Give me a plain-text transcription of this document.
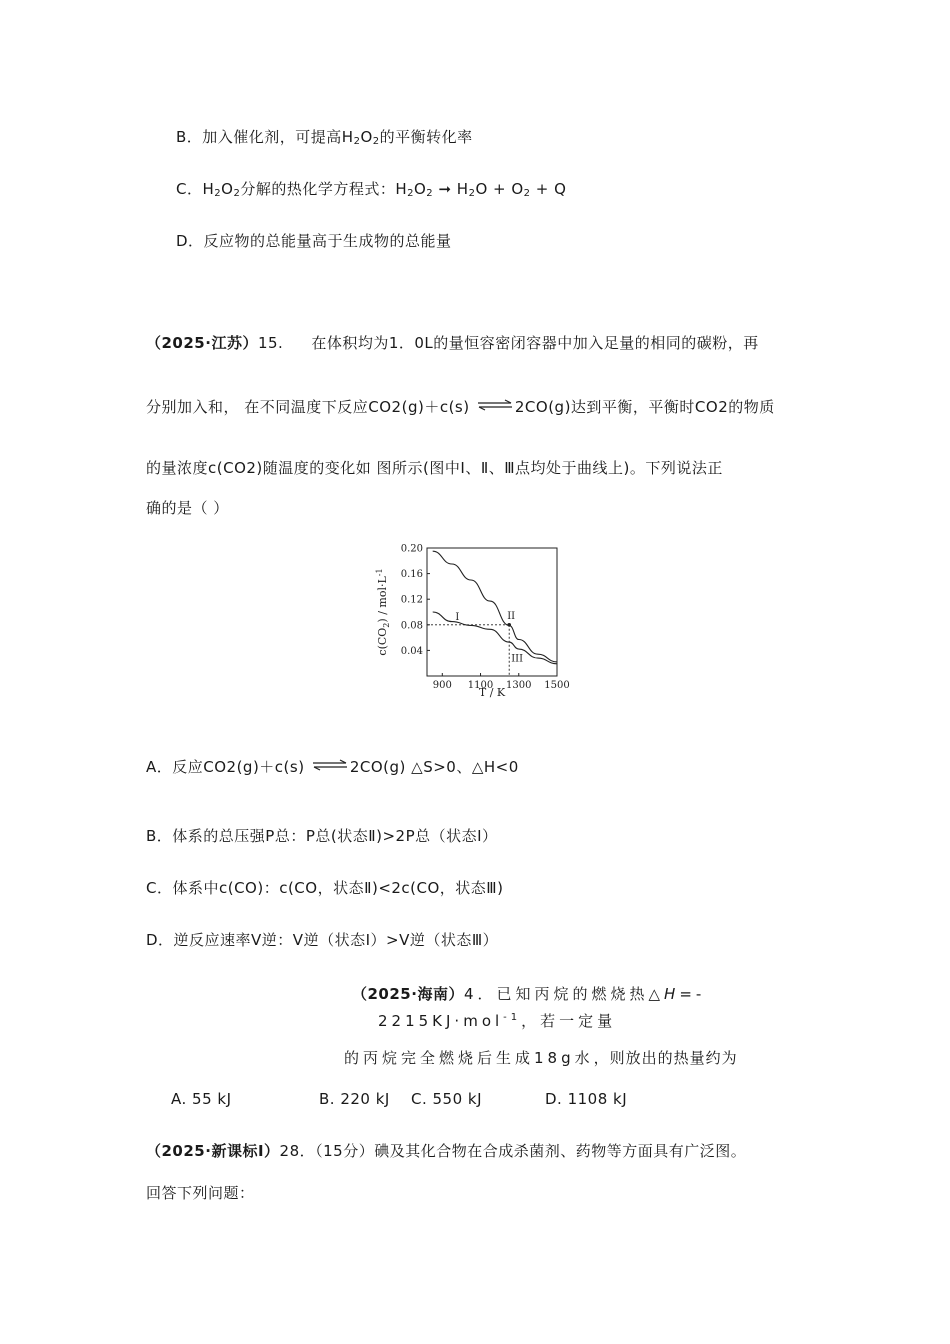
B．加入催化剂，可提高$H_2O_2$的平衡转化率
C．$H_2O_2$分解的热化学方程式：$H_2O_2$ ➞ $H_2O + O_2 + Q$
D．反应物的总能量高于生成物的总能量
（2025·江苏）15. 在体积均为1．0L的量恒容密闭容器中加入足量的相同的碳粉，再
分别加入和， 在不同温度下反应CO2(g)＋c(s) ⇌ 2CO(g)达到平衡，平衡时CO2的物质
的量浓度c(CO2)随温度的变化如 图所示(图中Ⅰ、Ⅱ、Ⅲ点均处于曲线上)。下列说法正
确的是（ ）
0.04
0.08
0.12
0.16
0.20
900 1100 1300 1500
I	II
III
T / K
$c(CO_2) / mol\cdot L^{-1}$
A．反应CO2(g)＋c(s) ⇌ 2CO(g) △S>0、△H<0
B．体系的总压强P总：P总(状态Ⅱ)>2P总（状态Ⅰ）
C．体系中c(CO)：c(CO，状态Ⅱ)<2c(CO，状态Ⅲ)
D．逆反应速率V逆：V逆（状态Ⅰ）>V逆（状态Ⅲ）
（2025·海南）4．已知丙烷的燃烧热△H=-
2215KJ·mol$^{-1}$，若一定量
的丙烷完全燃烧后生成18g水，则放出的热量约为
A. 55 kJ	B. 220 kJ C. 550 kJ	D. 1108 kJ
（2025·新课标Ⅰ）28．（15分）碘及其化合物在合成杀菌剂、药物等方面具有广泛图。
回答下列问题：
